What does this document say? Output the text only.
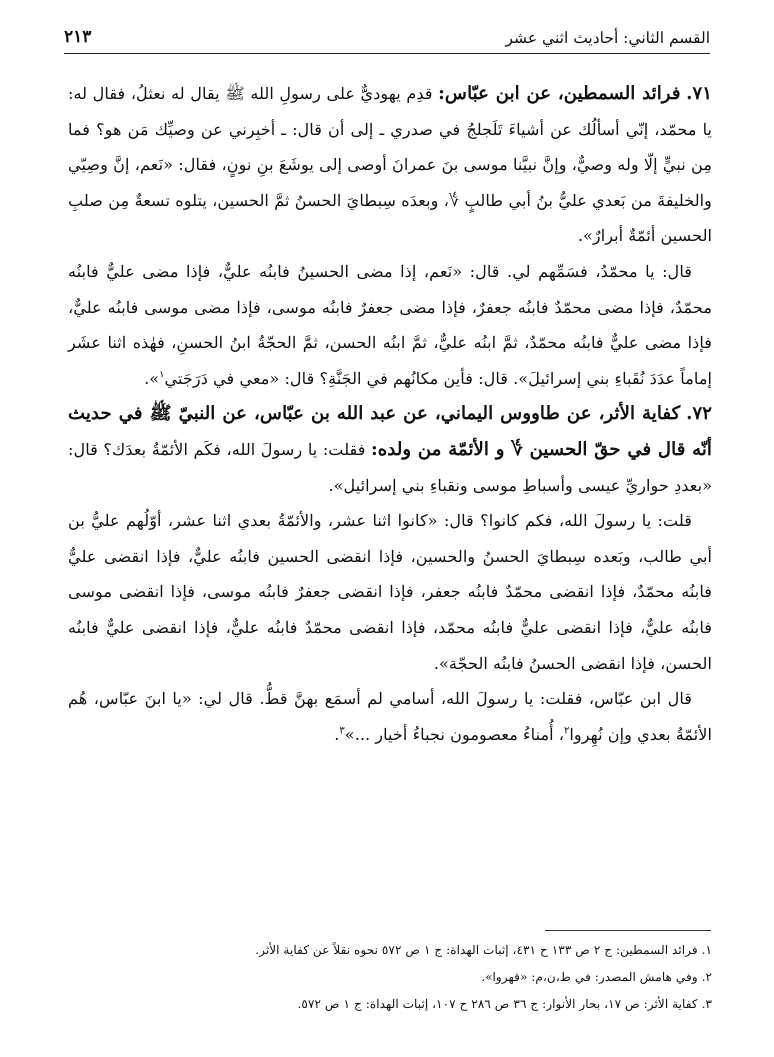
القسم الثاني: أحاديث اثني عشر
٢١٣

٧١. فرائد السمطين، عن ابن عبّاس: قدِم يهوديٌّ على رسولِ الله ﷺ يقال له نعثلُ، فقال له: يا محمّد، إنّي أسألُك عن أشياءَ تَلَجلجُ في صدري ـ إلى أن قال: ـ أخبِرني عن وصيِّك مَن هو؟ فما مِن نبيٍّ إلّا وله وصيٌّ، وإنَّ نبيَّنا موسى بنَ عمرانَ أوصى إلى يوشَعَ بنِ نونٍ، فقال: «نَعم، إنَّ وصِيّي والخليفةَ من بَعدي عليُّ بنُ أبي طالبٍ ؇، وبعدَه سِبطايَ الحسنُ ثمَّ الحسين، يتلوه تسعةٌ مِن صلبِ الحسين أئمّةٌ أبرارٌ».

قال: يا محمّدُ، فسَمِّهم لي. قال: «نَعم، إذا مضى الحسينُ فابنُه عليٌّ، فإذا مضى عليٌّ فابنُه محمّدٌ، فإذا مضى محمّدٌ فابنُه جعفرٌ، فإذا مضى جعفرٌ فابنُه موسى، فإذا مضى موسى فابنُه عليٌّ، فإذا مضى عليٌّ فابنُه محمّدٌ، ثمَّ ابنُه عليٌّ، ثمَّ ابنُه الحسن، ثمَّ الحجّةُ ابنُ الحسنِ، فهٰذه اثنا عشَر إماماً عدَدَ نُقَباءِ بني إسرائيلَ». قال: فأين مكانُهم في الجَنَّةِ؟ قال: «معي في دَرَجَتي$^١$».

٧٢. كفاية الأثر، عن طاووس اليماني، عن عبد الله بن عبّاس، عن النبيّ ﷺ في حديث أنّه قال في حقّ الحسين ؇ و الأئمّة من ولده: فقلت: يا رسولَ الله، فكَم الأئمّةُ بعدَك؟ قال: «بعددِ حواريِّ عيسى وأسباطِ موسى ونقباءِ بني إسرائيل».

قلت: يا رسولَ الله، فكم كانوا؟ قال: «كانوا اثنا عشر، والأئمّةُ بعدي اثنا عشر، أوّلُهم عليُّ بن أبي طالب، وبَعده سِبطايَ الحسنُ والحسين، فإذا انقضى الحسين فابنُه عليٌّ، فإذا انقضى عليٌّ فابنُه محمّدٌ، فإذا انقضى محمّدٌ فابنُه جعفر، فإذا انقضى جعفرٌ فابنُه موسى، فإذا انقضى موسى فابنُه عليٌّ، فإذا انقضى عليٌّ فابنُه محمّد، فإذا انقضى محمّدٌ فابنُه عليٌّ، فإذا انقضى عليٌّ فابنُه الحسن، فإذا انقضى الحسنُ فابنُه الحجّة».

قال ابن عبّاس، فقلت: يا رسولَ الله، أسامي لم أسمَع بهنَّ قطُّ. قال لي: «يا ابنَ عبّاس، هُم الأئمّةُ بعدي وإن نُهِروا$^٢$، أُمناءُ معصومون نجباءُ أخيار ...»$^٣$.

١. فرائد السمطين: ج ٢ ص ١٣٣ ح ٤٣١، إثبات الهداة: ج ١ ص ٥٧٢ نحوه نقلاً عن كفاية الأثر.
٢. وفي هامش المصدر: في ط،ن،م: «قهروا».
٣. كفاية الأثر: ص ١٧، بحار الأنوار: ج ٣٦ ص ٢٨٦ ح ١٠٧، إثبات الهداة: ج ١ ص ٥٧٢.
